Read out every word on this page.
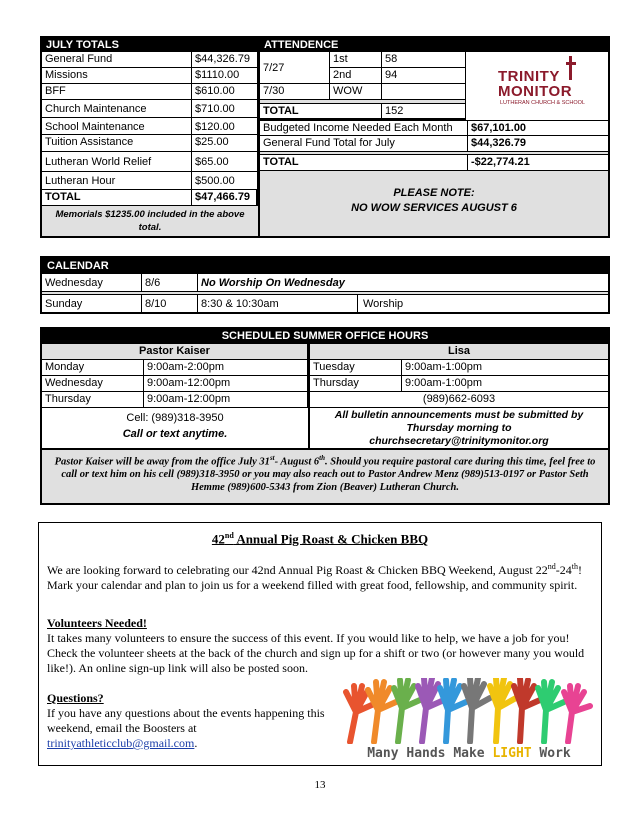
JULY TOTALS
General Fund	$44,326.79
Missions	$1110.00
BFF	$610.00
Church Maintenance	$710.00
School Maintenance	$120.00
Tuition Assistance	$25.00
Lutheran World Relief	$65.00
Lutheran Hour	$500.00
TOTAL	$47,466.79
Memorials $1235.00 included in the above total.
ATTENDENCE
7/27
1st	58
2nd	94
7/30	WOW
TOTAL	152
TRINITY
MONITOR
LUTHERAN CHURCH & SCHOOL
Budgeted Income Needed Each Month	$67,101.00
General Fund Total for July	$44,326.79
TOTAL	-$22,774.21
PLEASE NOTE:
NO WOW SERVICES AUGUST 6
CALENDAR
Wednesday	8/6	No Worship On Wednesday
Sunday	8/10	8:30 & 10:30am	Worship
SCHEDULED SUMMER OFFICE HOURS
Pastor Kaiser
Monday	9:00am-2:00pm
Wednesday	9:00am-12:00pm
Thursday	9:00am-12:00pm
Cell: (989)318-3950
Call or text anytime.
Lisa
Tuesday	9:00am-1:00pm
Thursday	9:00am-1:00pm
(989)662-6093
All bulletin announcements must be submitted by
Thursday morning to
churchsecretary@trinitymonitor.org
Pastor Kaiser will be away from the office July 31st- August 6th. Should you require pastoral care during this time, feel free to call or text him on his cell (989)318-3950 or you may also reach out to Pastor Andrew Menz (989)513-0197 or Pastor Seth Hemme (989)600-5343 from Zion (Beaver) Lutheran Church.
42nd Annual Pig Roast & Chicken BBQ
We are looking forward to celebrating our 42nd Annual Pig Roast & Chicken BBQ Weekend, August 22nd-24th! Mark your calendar and plan to join us for a weekend filled with great food, fellowship, and community spirit.
Volunteers Needed!
It takes many volunteers to ensure the success of this event. If you would like to help, we have a job for you! Check the volunteer sheets at the back of the church and sign up for a shift or two (or however many you would like!). An online sign-up link will also be posted soon.
Questions?
If you have any questions about the events happening this weekend, email the Boosters at trinityathleticclub@gmail.com.
Many Hands Make LIGHT Work
13
